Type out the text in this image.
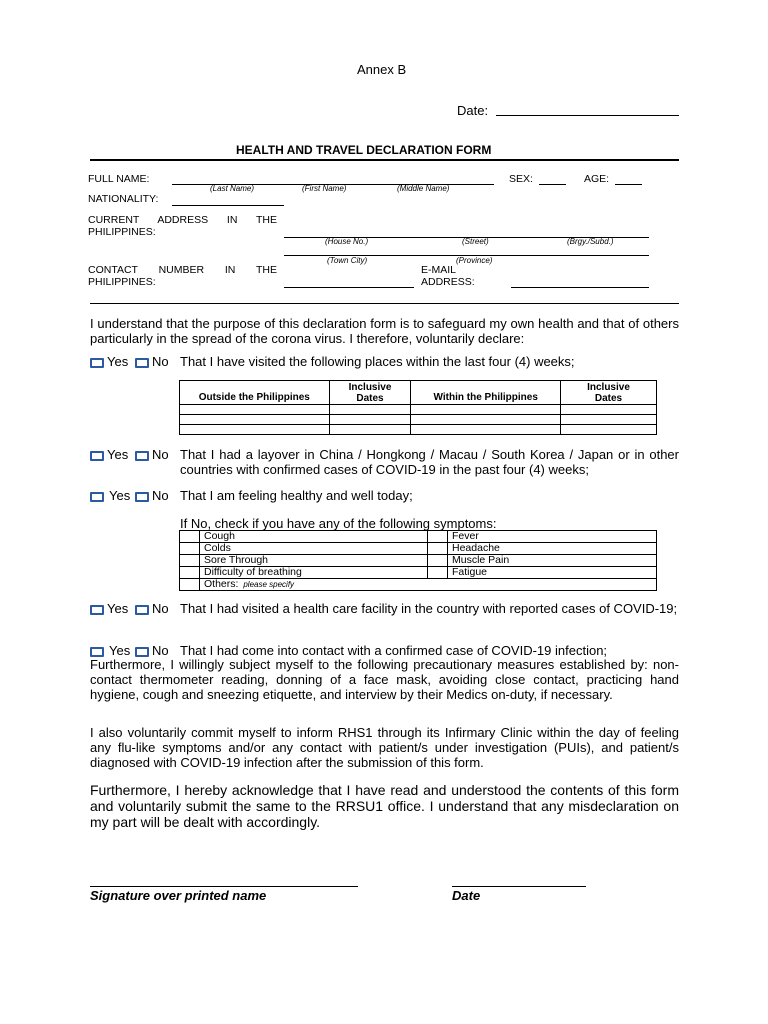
Annex B
Date:
HEALTH AND TRAVEL DECLARATION FORM
FULL NAME:
(Last Name)	(First Name)	(Middle Name)
SEX:	AGE:
NATIONALITY:
CURRENT ADDRESS IN THE
PHILIPPINES:
(House No.)	(Street)	(Brgy./Subd.)
(Town City)	(Province)
CONTACT NUMBER IN THE
PHILIPPINES:
E-MAIL
ADDRESS:
I understand that the purpose of this declaration form is to safeguard my own health and that of others particularly in the spread of the corona virus. I therefore, voluntarily declare:
Yes No That I have visited the following places within the last four (4) weeks;
Outside the Philippines	Inclusive Dates	Within the Philippines	Inclusive Dates

Yes No That I had a layover in China / Hongkong / Macau / South Korea / Japan or in other countries with confirmed cases of COVID-19 in the past four (4) weeks;
Yes No That I am feeling healthy and well today;
If No, check if you have any of the following symptoms:
	Cough		Fever
	Colds		Headache
	Sore Through		Muscle Pain
	Difficulty of breathing		Fatigue
	Others: please specify		
Yes No That I had visited a health care facility in the country with reported cases of COVID-19;
Yes No That I had come into contact with a confirmed case of COVID-19 infection;
Furthermore, I willingly subject myself to the following precautionary measures established by: non-contact thermometer reading, donning of a face mask, avoiding close contact, practicing hand hygiene, cough and sneezing etiquette, and interview by their Medics on-duty, if necessary.
I also voluntarily commit myself to inform RHS1 through its Infirmary Clinic within the day of feeling any flu-like symptoms and/or any contact with patient/s under investigation (PUIs), and patient/s diagnosed with COVID-19 infection after the submission of this form.
Furthermore, I hereby acknowledge that I have read and understood the contents of this form and voluntarily submit the same to the RRSU1 office. I understand that any misdeclaration on my part will be dealt with accordingly.
Signature over printed name	Date
